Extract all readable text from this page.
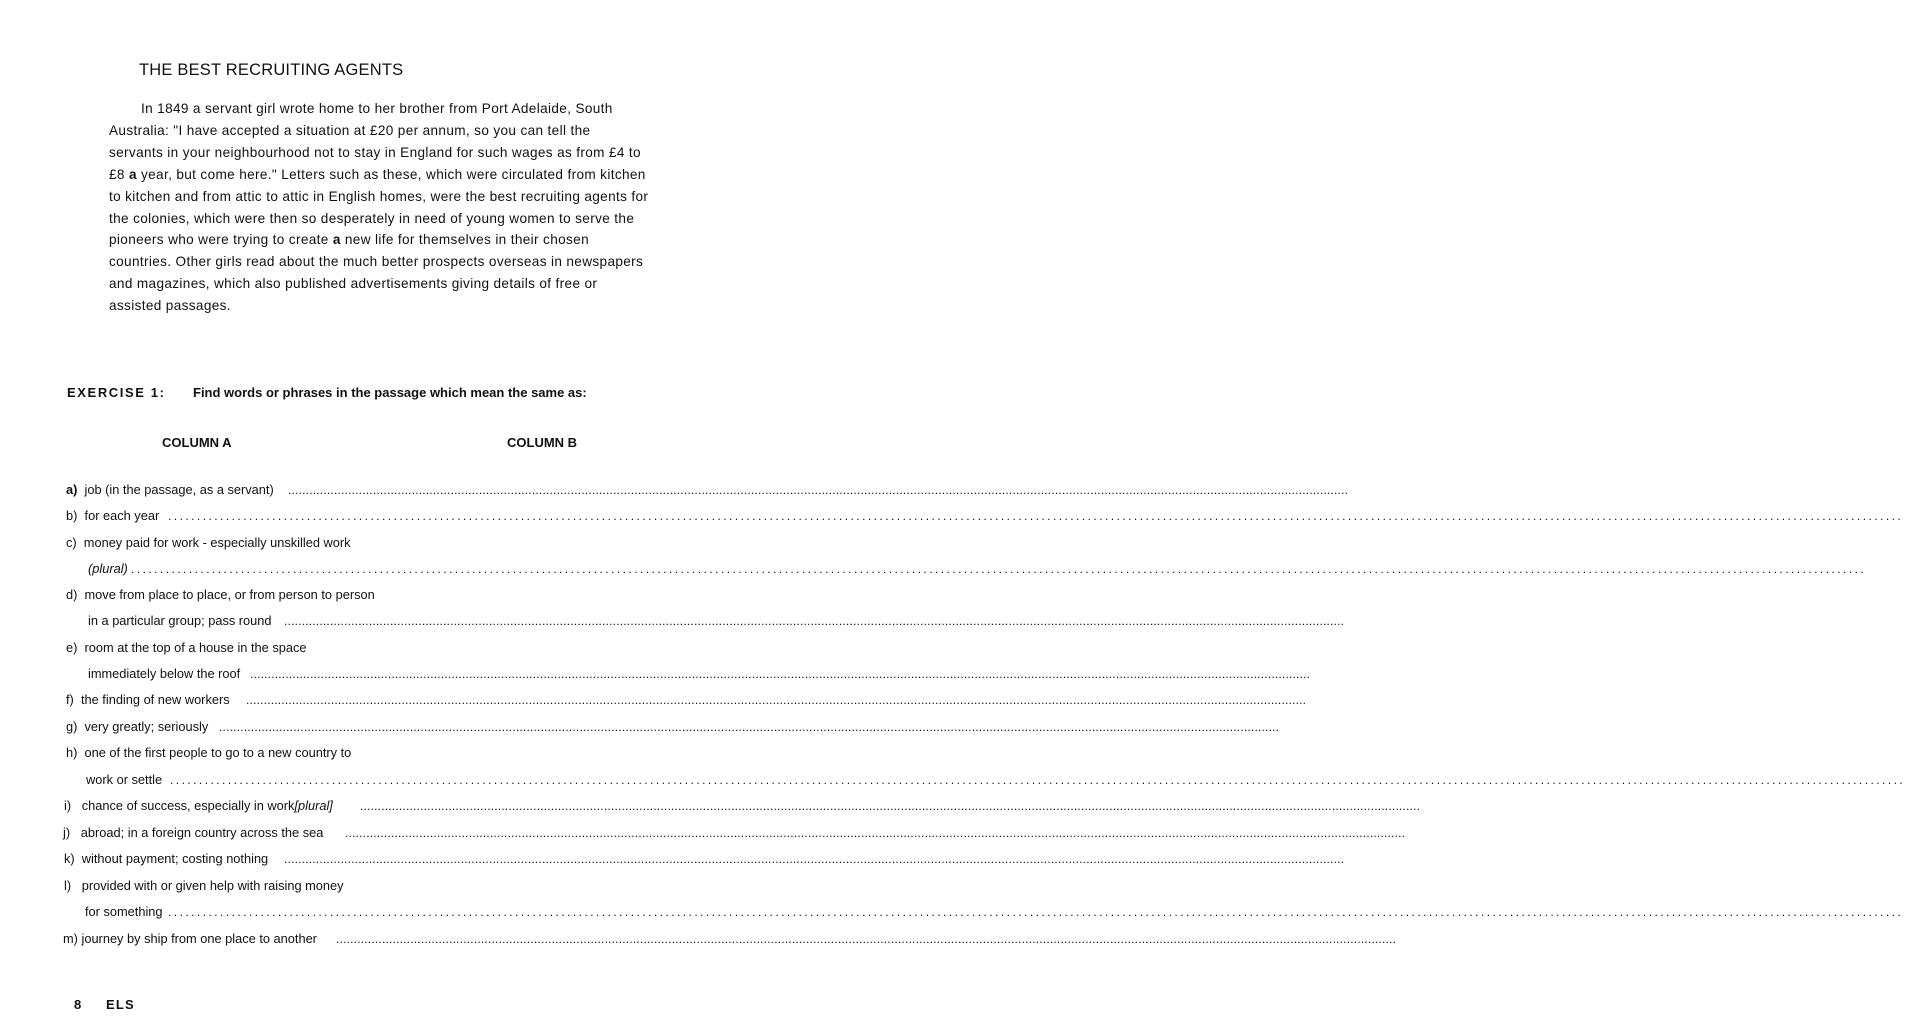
THE BEST RECRUITING AGENTS
In 1849 a servant girl wrote home to her brother from Port Adelaide, South
Australia: "I have accepted a situation at £20 per annum, so you can tell the
servants in your neighbourhood not to stay in England for such wages as from £4 to
£8 a year, but come here." Letters such as these, which were circulated from kitchen
to kitchen and from attic to attic in English homes, were the best recruiting agents for
the colonies, which were then so desperately in need of young women to serve the
pioneers who were trying to create a new life for themselves in their chosen
countries. Other girls read about the much better prospects overseas in newspapers
and magazines, which also published advertisements giving details of free or
assisted passages.
EXERCISE 1: Find words or phrases in the passage which mean the same as:
COLUMN A	COLUMN B
a)
job (in the passage, as a servant) ............................................................................................................................................................................................................................................................................................................
b)
for each year ............................................................................................................................................................................................................................................................................................................
c)
money paid for work - especially unskilled work
(plural) ............................................................................................................................................................................................................................................................................................................
d)
move from place to place, or from person to person
in a particular group; pass round ............................................................................................................................................................................................................................................................................................................
e)
room at the top of a house in the space
immediately below the roof ............................................................................................................................................................................................................................................................................................................
f)
the finding of new workers ............................................................................................................................................................................................................................................................................................................
g)
very greatly; seriously ............................................................................................................................................................................................................................................................................................................
h)
one of the first people to go to a new country to
work or settle ............................................................................................................................................................................................................................................................................................................
i)
chance of success, especially in work [plural] ............................................................................................................................................................................................................................................................................................................
j)
abroad; in a foreign country across the sea ............................................................................................................................................................................................................................................................................................................
k)
without payment; costing nothing ............................................................................................................................................................................................................................................................................................................
l)
provided with or given help with raising money
for something ............................................................................................................................................................................................................................................................................................................
m)
journey by ship from one place to another ............................................................................................................................................................................................................................................................................................................
8 ELS
